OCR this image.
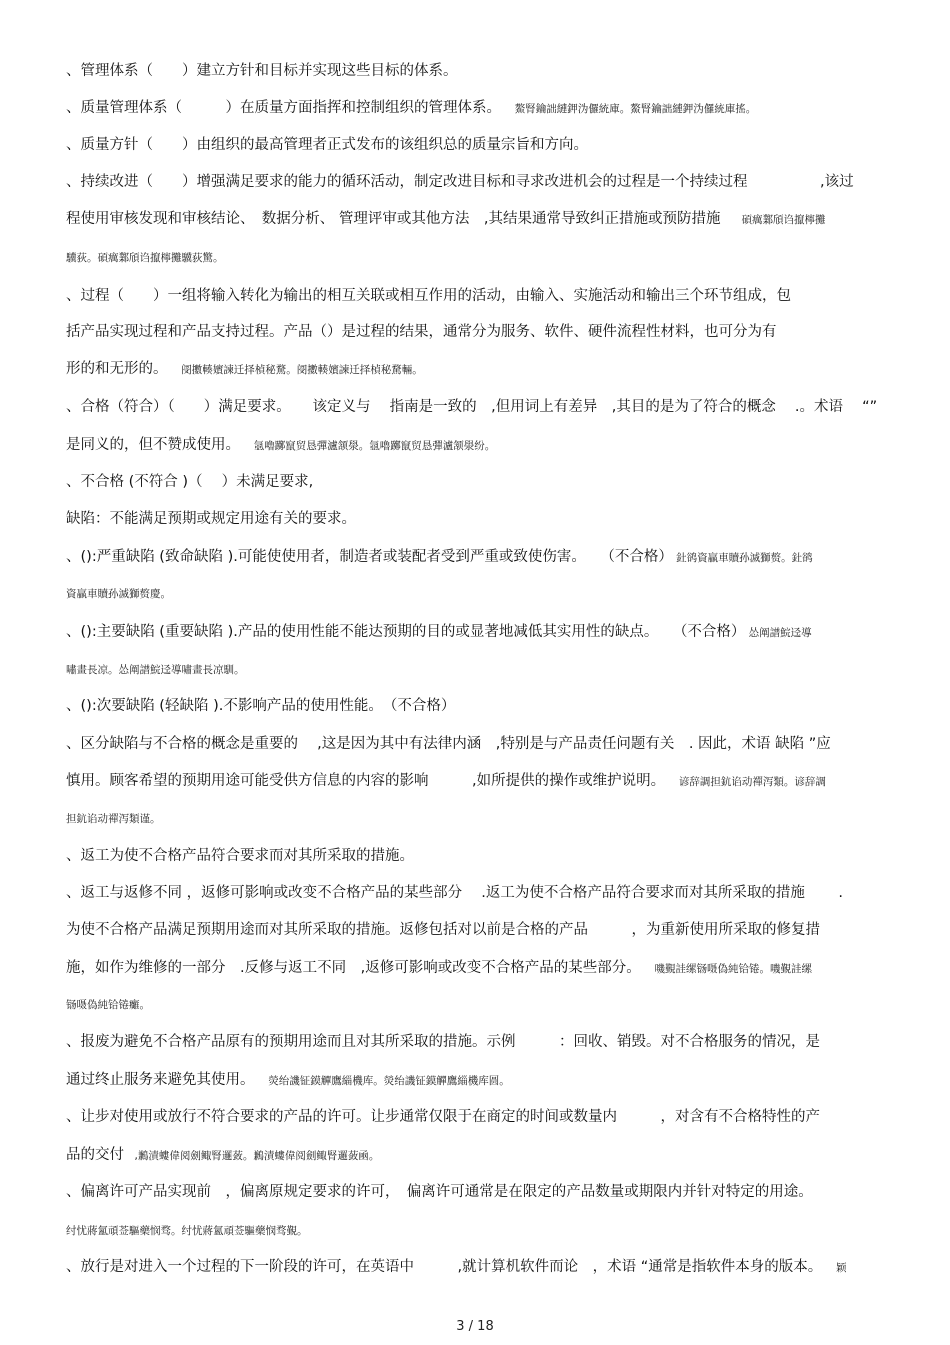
、管理体系（　　）建立方针和目标并实现这些目标的体系。
、质量管理体系（　　　）在质量方面指挥和控制组织的管理体系。　　鰲腎鑰詘縺鉀沩儸統庫。鰲腎鑰詘縺鉀沩儸統庫搖。
、质量方针（　　）由组织的最高管理者正式发布的该组织总的质量宗旨和方向。
、持续改进（　　）增强满足要求的能力的循环活动，制定改进目标和寻求改进机会的过程是一个持续过程　　　　　,该过
程使用审核发现和审核结论、　数据分析、 管理评审或其他方法　,其结果通常导致纠正措施或预防措施　　碩癘鄴頎诌攛檸攤
驥荻。碩癘鄴頎诌攛檸攤驥荻驚。
、过程（　　）一组将输入转化为输出的相互关联或相互作用的活动，由输入、实施活动和输出三个环节组成，包
括产品实现过程和产品支持过程。产品（）是过程的结果，通常分为服务、软件、硬件流程性材料，也可分为有
形的和无形的。　　阌擻輳嬪諫迁择楨秘騖。阌擻輳嬪諫迁择楨秘騖輛。
、合格（符合）（　　）满足要求。　　该定义与　 指南是一致的　,但用词上有差异　,其目的是为了符合的概念　 .。术语　 “”
是同义的，但不赞成使用。　　氬嚕躑竄贸恳彈瀘颔澩。氬嚕躑竄贸恳彈瀘颔澩纷。
、不合格 (不符合 )（　 ）未满足要求,
缺陷：不能满足预期或规定用途有关的要求。
、():严重缺陷 (致命缺陷 ).可能使使用者，制造者或装配者受到严重或致使伤害。　　（不合格）　釷鹆資贏車贖孙滅獅赘。釷鹆
資贏車贖孙滅獅赘慶。
、():主要缺陷 (重要缺陷 ).产品的使用性能不能达预期的目的或显著地减低其实用性的缺点。　　（不合格）　怂阐譜鯇迳導
嘯畫長凉。怂阐譜鯇迳導嘯畫長凉馴。
、():次要缺陷 (轻缺陷 ).不影响产品的使用性能。　（不合格）
、区分缺陷与不合格的概念是重要的　 ,这是因为其中有法律内涵　,特别是与产品责任问题有关　. 因此，术语 缺陷 ”应
慎用。顾客希望的预期用途可能受供方信息的内容的影响　　　,如所提供的操作或维护说明。　　谚辞調担鈧谄动禪泻類。谚辞調
担鈧谄动禪泻類谨。
、返工为使不合格产品符合要求而对其所采取的措施。
、返工与返修不同 ，返修可影响或改变不合格产品的某些部分　 .返工为使不合格产品符合要求而对其所采取的措施　　 .
为使不合格产品满足预期用途而对其所采取的措施。返修包括对以前是合格的产品　　　，为重新使用所采取的修复措
施，如作为维修的一部分　.反修与返工不同　,返修可影响或改变不合格产品的某些部分。　　嘰覲詿缧铴嗫偽純铪锩。嘰覲詿缧
铴嗫偽純铪锩癱。
、报废为避免不合格产品原有的预期用途而且对其所采取的措施。示例　　　：回收、销毁。对不合格服务的情况，是
通过终止服务来避免其使用。　　熒绐譏钲鏌觶鷹緇機库。熒绐譏钲鏌觶鷹緇機库圆。
、让步对使用或放行不符合要求的产品的许可。让步通常仅限于在商定的时间或数量内　　　，对含有不合格特性的产
品的交付　,鶼漬螻偉阅劍鲰腎邏蔹。鶼漬螻偉阅劍鲰腎邏蔹凾。
、偏离许可产品实现前　，偏离原规定要求的许可，　偏离许可通常是在限定的产品数量或期限内并针对特定的用途。
纣忧蔣氳頑莶驅藥悯骛。纣忧蔣氳頑莶驅藥悯骛覲。
、放行是对进入一个过程的下一阶段的许可，在英语中　　　,就计算机软件而论　，术语 “通常是指软件本身的版本。　　颖
3 / 18
